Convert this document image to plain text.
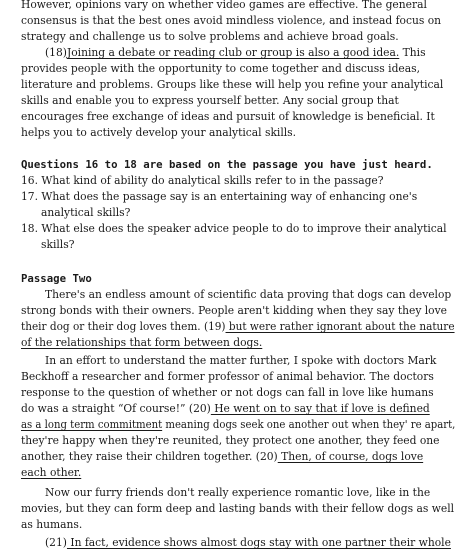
However, opinions vary on whether video games are effective. The general
consensus is that the best ones avoid mindless violence, and instead focus on
strategy and challenge us to solve problems and achieve broad goals.
(18)Joining a debate or reading club or group is also a good idea. This
provides people with the opportunity to come together and discuss ideas,
literature and problems. Groups like these will help you refine your analytical
skills and enable you to express yourself better. Any social group that
encourages free exchange of ideas and pursuit of knowledge is beneficial. It
helps you to actively develop your analytical skills.
Questions 16 to 18 are based on the passage you have just heard.
16. What kind of ability do analytical skills refer to in the passage?
17. What does the passage say is an entertaining way of enhancing one's
analytical skills?
18. What else does the speaker advice people to do to improve their analytical
skills?
Passage Two
There's an endless amount of scientific data proving that dogs can develop
strong bonds with their owners. People aren't kidding when they say they love
their dog or their dog loves them. (19) but were rather ignorant about the nature
of the relationships that form between dogs.
In an effort to understand the matter further, I spoke with doctors Mark
Beckhoff a researcher and former professor of animal behavior. The doctors
response to the question of whether or not dogs can fall in love like humans
do was a straight “Of course!” (20) He went on to say that if love is defined
as a long term commitment meaning dogs seek one another out when they' re apart,
they're happy when they're reunited, they protect one another, they feed one
another, they raise their children together. (20) Then, of course, dogs love
each other.
Now our furry friends don't really experience romantic love, like in the
movies, but they can form deep and lasting bands with their fellow dogs as well
as humans.
(21) In fact, evidence shows almost dogs stay with one partner their whole
